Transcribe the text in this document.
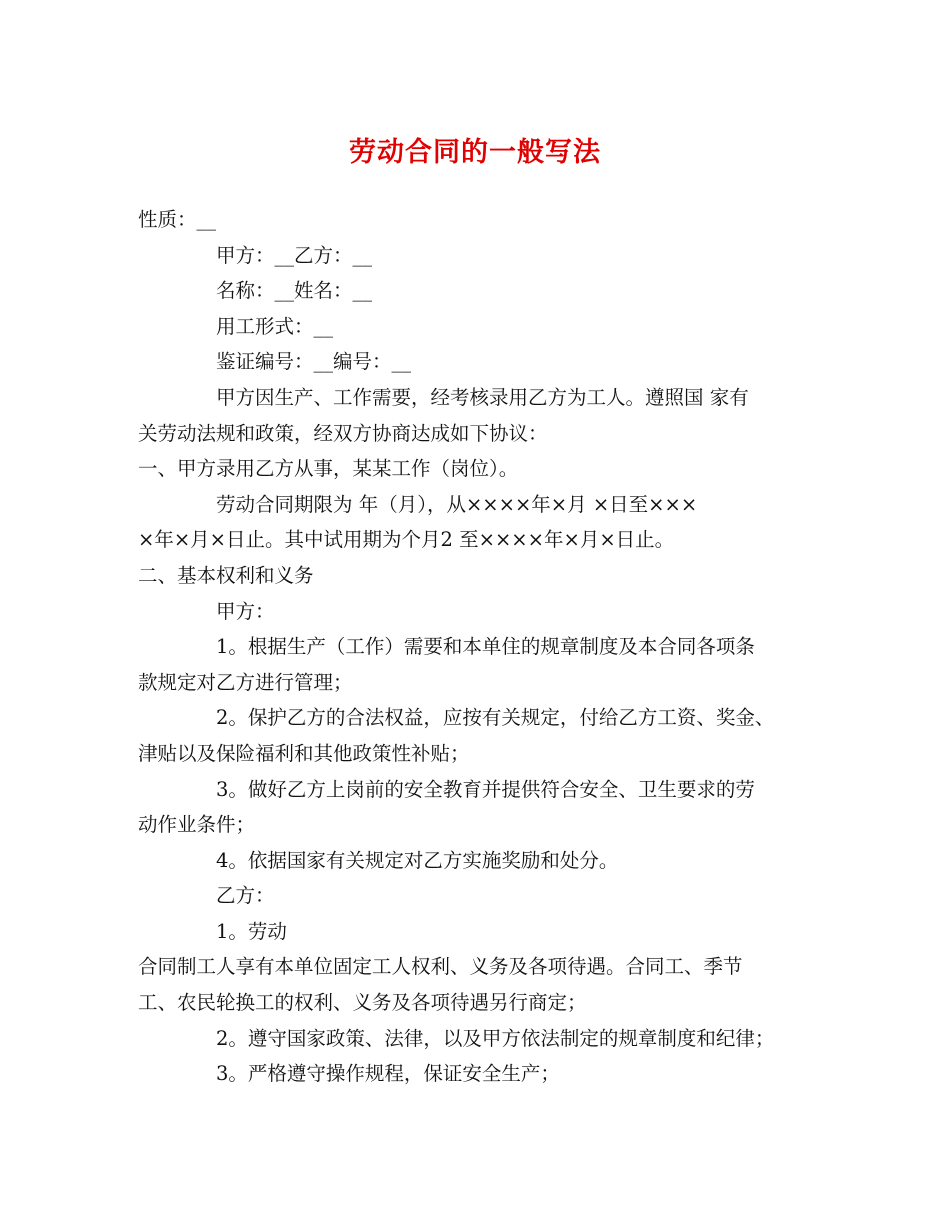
劳动合同的一般写法
性质：__
甲方：__乙方：__
名称：__姓名：__
用工形式：__
鉴证编号：__编号：__
甲方因生产、工作需要，经考核录用乙方为工人。遵照国 家有
关劳动法规和政策，经双方协商达成如下协议：
一、甲方录用乙方从事，某某工作（岗位）。
劳动合同期限为 年（月），从××××年×月 ×日至×××
×年×月×日止。其中试用期为个月2 至××××年×月×日止。
二、基本权利和义务
甲方：
1。根据生产（工作）需要和本单住的规章制度及本合同各项条
款规定对乙方进行管理；
2。保护乙方的合法权益，应按有关规定，付给乙方工资、奖金、
津贴以及保险福利和其他政策性补贴；
3。做好乙方上岗前的安全教育并提供符合安全、卫生要求的劳
动作业条件；
4。依据国家有关规定对乙方实施奖励和处分。
乙方：
1。劳动
合同制工人享有本单位固定工人权利、义务及各项待遇。合同工、季节
工、农民轮换工的权利、义务及各项待遇另行商定；
2。遵守国家政策、法律，以及甲方依法制定的规章制度和纪律；
3。严格遵守操作规程，保证安全生产；
